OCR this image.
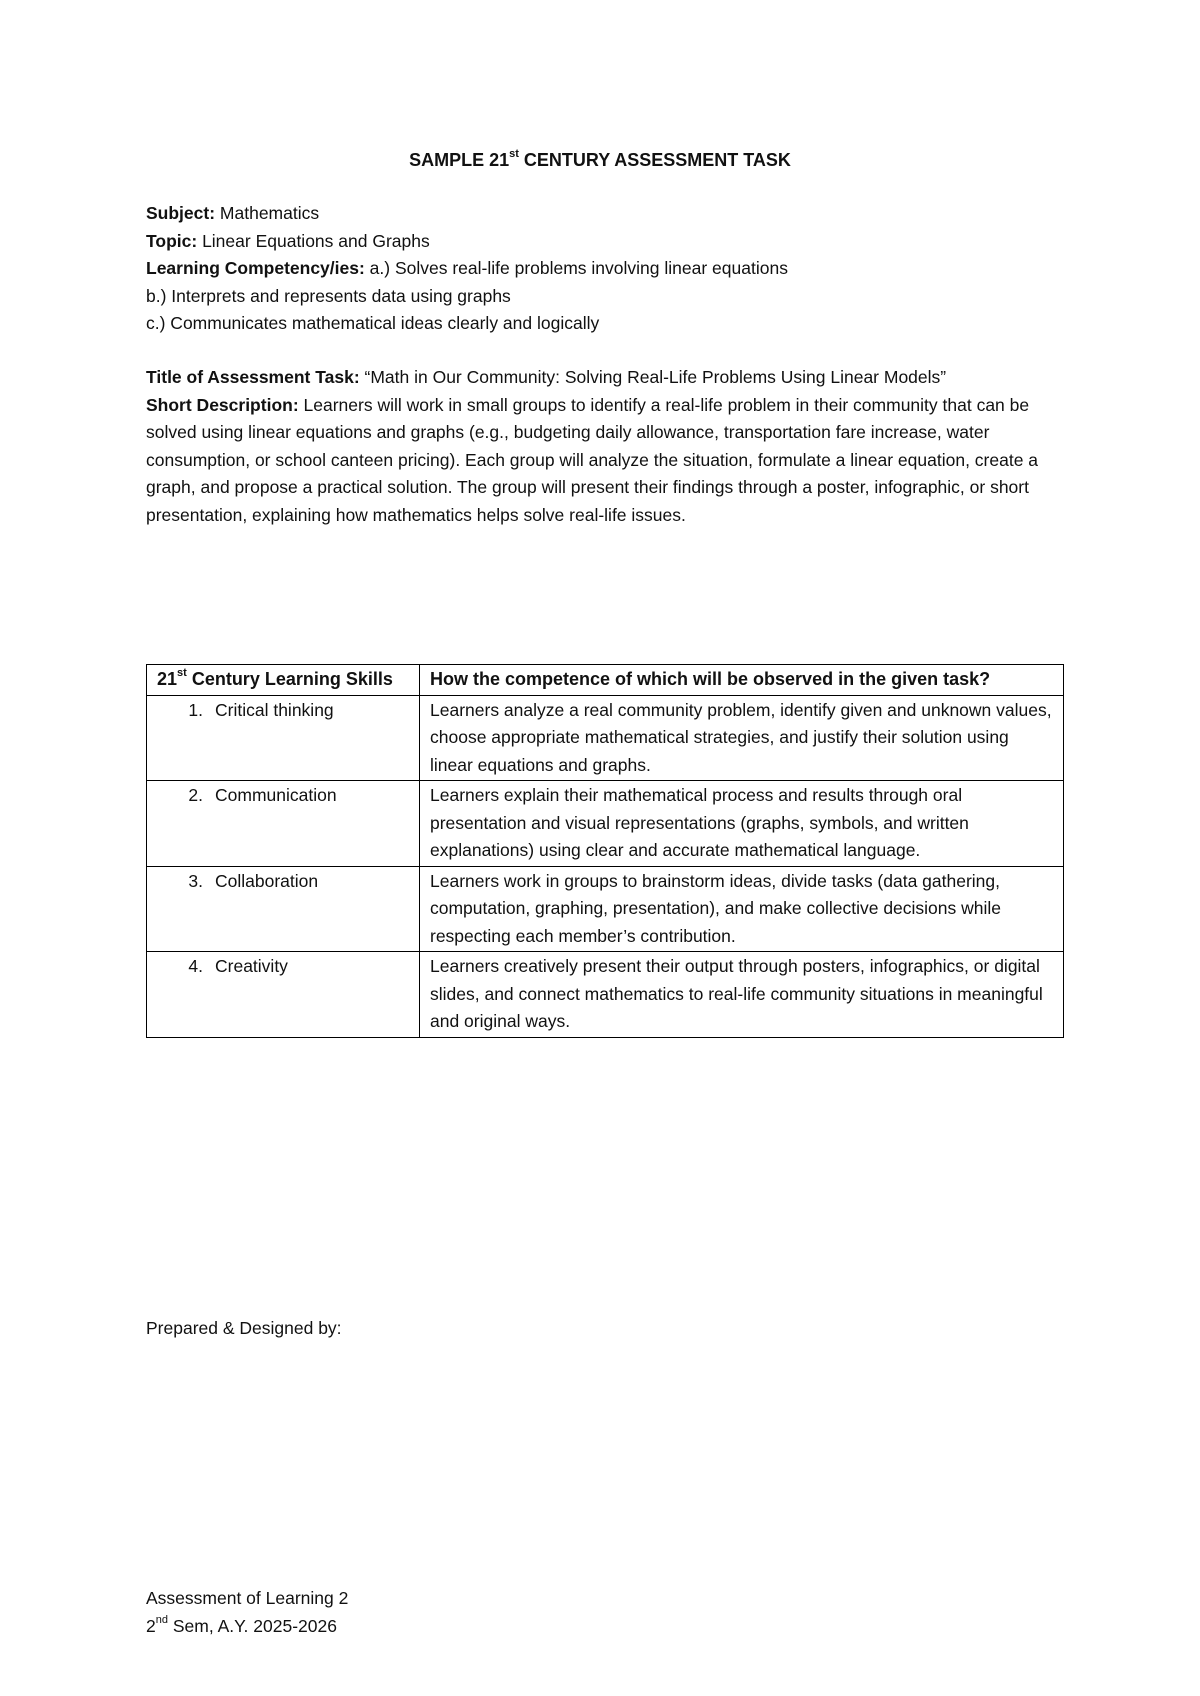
SAMPLE 21st CENTURY ASSESSMENT TASK
Subject: Mathematics
Topic: Linear Equations and Graphs
Learning Competency/ies: a.) Solves real-life problems involving linear equations
b.) Interprets and represents data using graphs
c.) Communicates mathematical ideas clearly and logically
Title of Assessment Task: “Math in Our Community: Solving Real-Life Problems Using Linear Models”
Short Description: Learners will work in small groups to identify a real-life problem in their community that can be solved using linear equations and graphs (e.g., budgeting daily allowance, transportation fare increase, water consumption, or school canteen pricing). Each group will analyze the situation, formulate a linear equation, create a graph, and propose a practical solution. The group will present their findings through a poster, infographic, or short presentation, explaining how mathematics helps solve real-life issues.
21st Century Learning Skills	How the competence of which will be observed in the given task?
1. Critical thinking	Learners analyze a real community problem, identify given and unknown values, choose appropriate mathematical strategies, and justify their solution using linear equations and graphs.
2. Communication	Learners explain their mathematical process and results through oral presentation and visual representations (graphs, symbols, and written explanations) using clear and accurate mathematical language.
3. Collaboration	Learners work in groups to brainstorm ideas, divide tasks (data gathering, computation, graphing, presentation), and make collective decisions while respecting each member’s contribution.
4. Creativity	Learners creatively present their output through posters, infographics, or digital slides, and connect mathematics to real-life community situations in meaningful and original ways.
Prepared & Designed by:
Assessment of Learning 2
2nd Sem, A.Y. 2025-2026
